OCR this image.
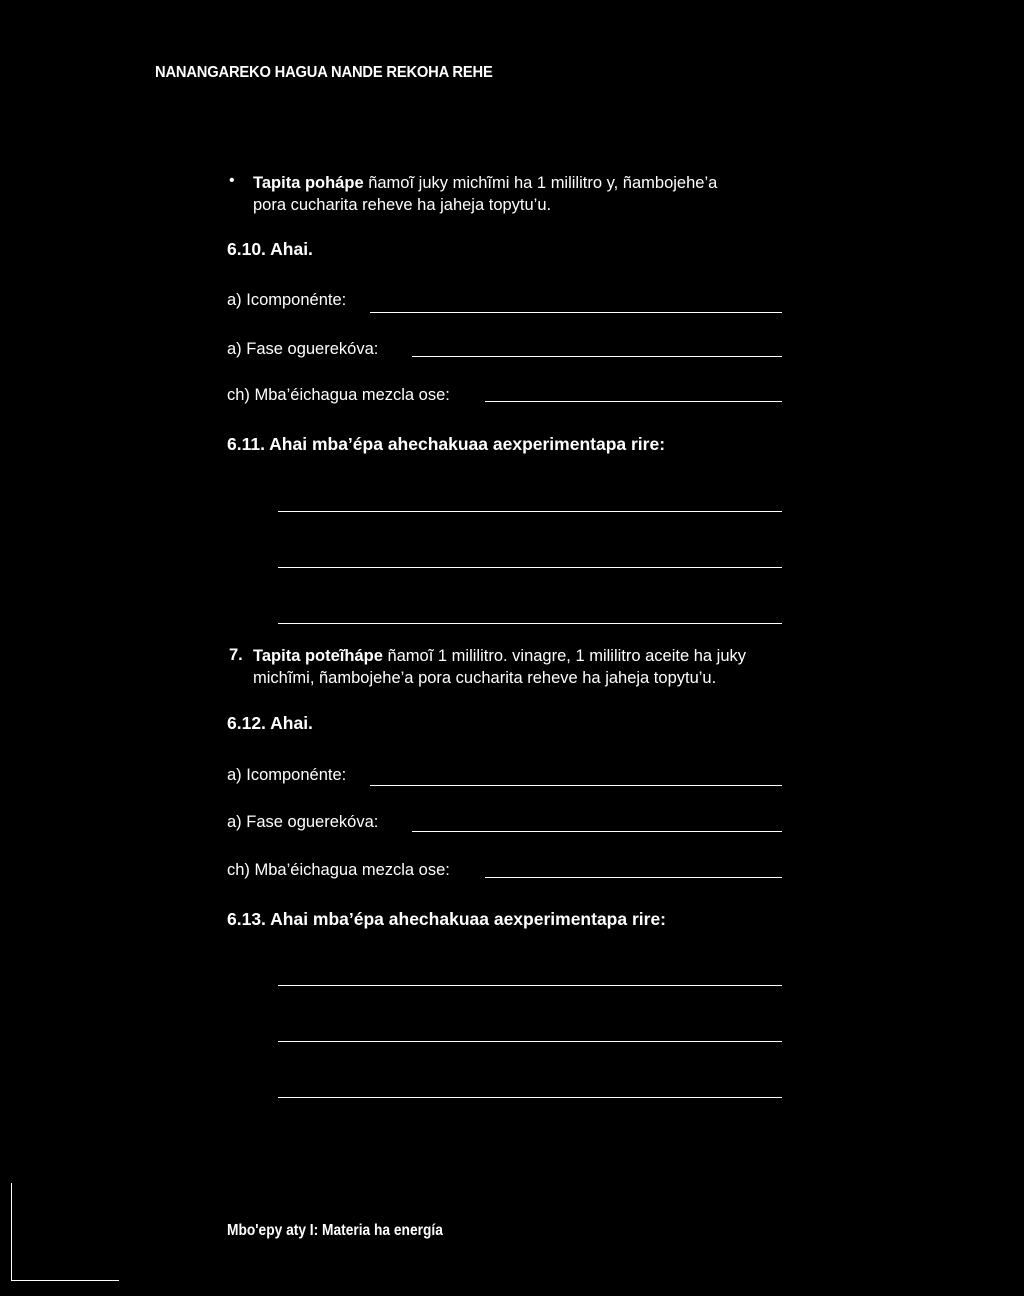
NANANGAREKO HAGUA NANDE REKOHA REHE
• Tapita pohápe ñamoĩ juky michĩmi ha 1 mililitro y, ñambojehe’a
pora cucharita reheve ha jaheja topytu’u.
6.10. Ahai.
a) Icomponénte:
a) Fase oguerekóva:
ch) Mba’éichagua mezcla ose:
6.11. Ahai mba’épa ahechakuaa aexperimentapa rire:
7. Tapita poteĩhápe ñamoĩ 1 mililitro. vinagre, 1 mililitro aceite ha juky
michĩmi, ñambojehe’a pora cucharita reheve ha jaheja topytu’u.
6.12. Ahai.
a) Icomponénte:
a) Fase oguerekóva:
ch) Mba’éichagua mezcla ose:
6.13. Ahai mba’épa ahechakuaa aexperimentapa rire:
Mbo'epy aty I: Materia ha energía
